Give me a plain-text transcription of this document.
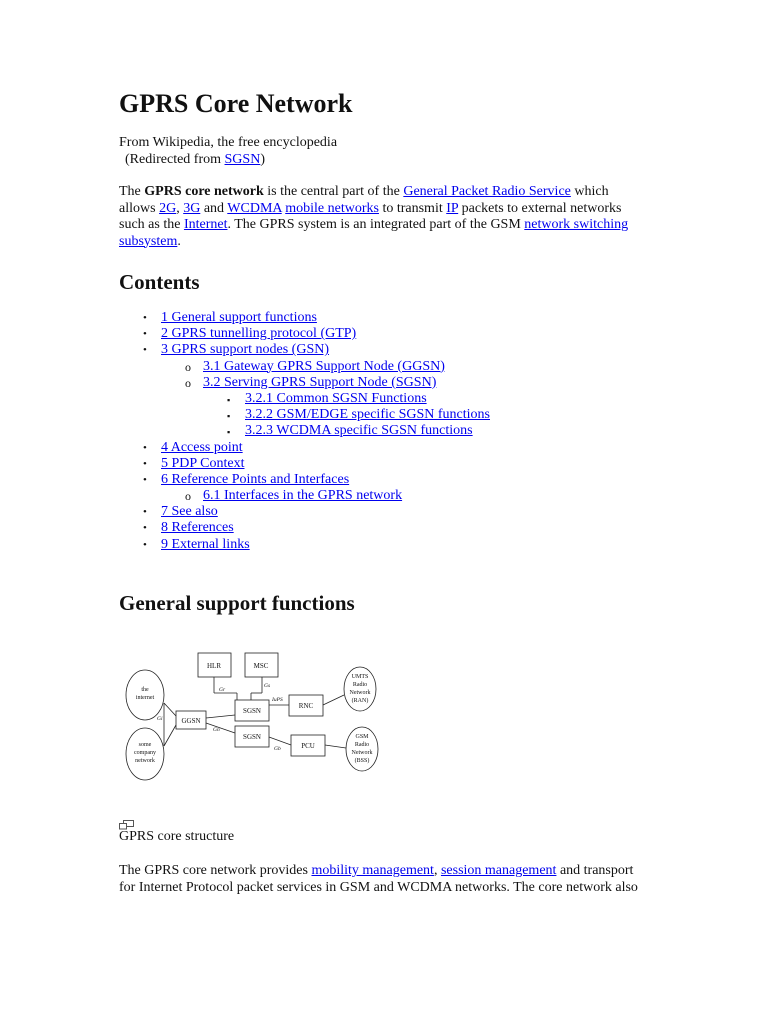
GPRS Core Network

From Wikipedia, the free encyclopedia

(Redirected from SGSN)

The GPRS core network is the central part of the General Packet Radio Service which
allows 2G, 3G and WCDMA mobile networks to transmit IP packets to external networks
such as the Internet. The GPRS system is an integrated part of the GSM network switching
subsystem.
Contents
• 1 General support functions
• 2 GPRS tunnelling protocol (GTP)
• 3 GPRS support nodes (GSN)
o 3.1 Gateway GPRS Support Node (GGSN)
o 3.2 Serving GPRS Support Node (SGSN)
▪ 3.2.1 Common SGSN Functions
▪ 3.2.2 GSM/EDGE specific SGSN functions
▪ 3.2.3 WCDMA specific SGSN functions
• 4 Access point
• 5 PDP Context
• 6 Reference Points and Interfaces
o 6.1 Interfaces in the GPRS network
• 7 See also
• 8 References
• 9 External links
General support functions
HLR	MSC
SGSN
SGSN
GGSN
RNC
PCU
the
internet
some
company
network
UMTS
Radio
Network
(RAN)
GSM
Radio
Network
(BSS)
Gr
Gs
Gi
Gn
Gb
IuPS

GPRS core structure

The GPRS core network provides mobility management, session management and transport
for Internet Protocol packet services in GSM and WCDMA networks. The core network also
